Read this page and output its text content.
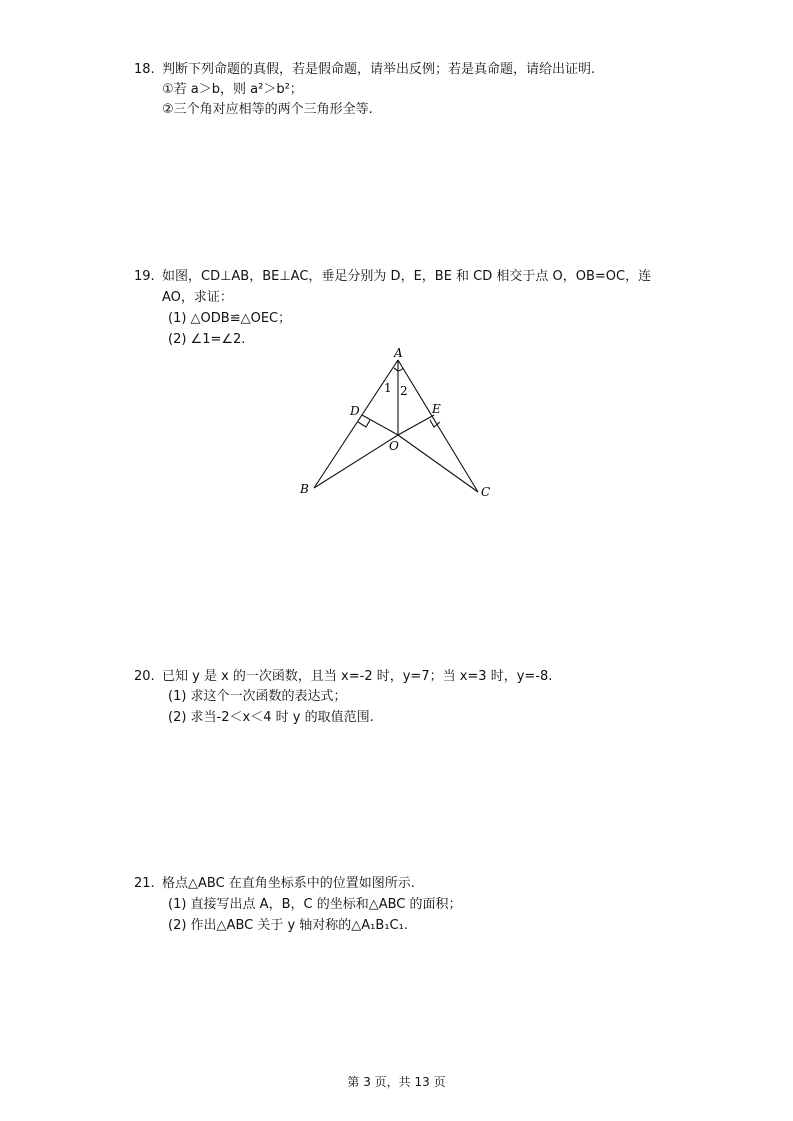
18. 判断下列命题的真假，若是假命题，请举出反例；若是真命题，请给出证明.
①若 a＞b，则 a²＞b²；
②三个角对应相等的两个三角形全等.
19. 如图，CD⊥AB，BE⊥AC，垂足分别为 D，E，BE 和 CD 相交于点 O，OB=OC，连
AO，求证：
(1) △ODB≌△OEC；
(2) ∠1=∠2.
A
B	C
D	E
O
1 2
20. 已知 y 是 x 的一次函数，且当 x=-2 时，y=7；当 x=3 时，y=-8.
(1) 求这个一次函数的表达式；
(2) 求当-2＜x＜4 时 y 的取值范围.
21. 格点△ABC 在直角坐标系中的位置如图所示.
(1) 直接写出点 A，B，C 的坐标和△ABC 的面积；
(2) 作出△ABC 关于 y 轴对称的△A₁B₁C₁.
第 3 页，共 13 页
